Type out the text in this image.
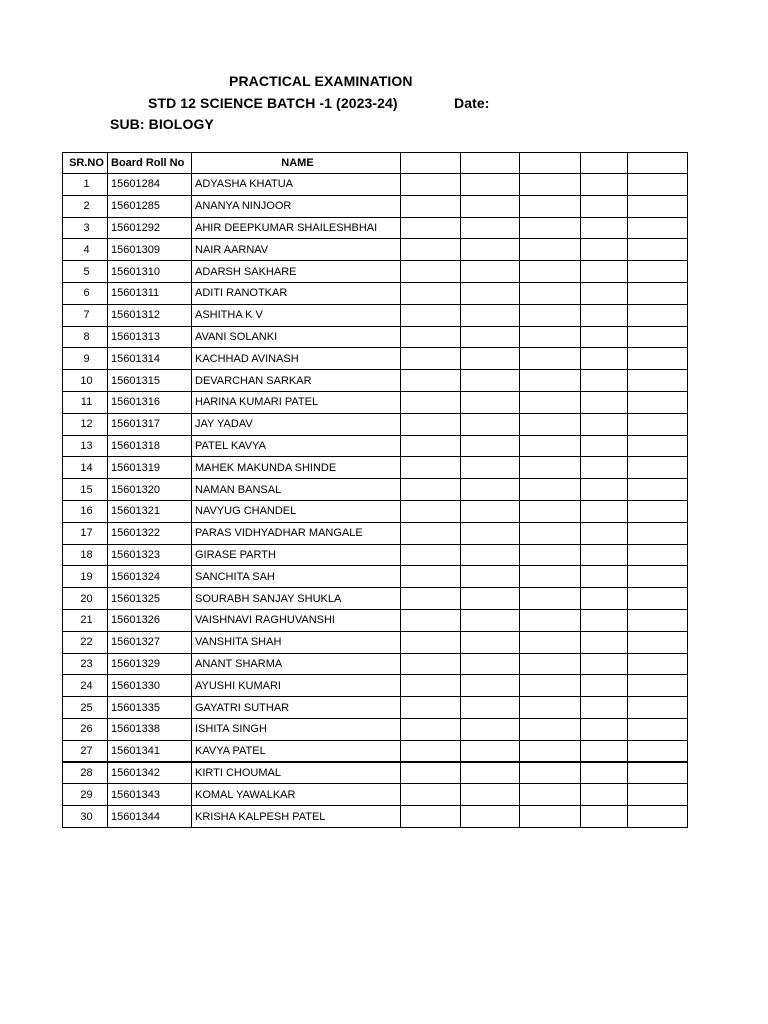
PRACTICAL EXAMINATION
STD 12 SCIENCE BATCH -1 (2023-24)	Date:
SUB: BIOLOGY
SR.NO	Board Roll No	NAME					
1	15601284	ADYASHA KHATUA					
2	15601285	ANANYA NINJOOR					
3	15601292	AHIR DEEPKUMAR SHAILESHBHAI					
4	15601309	NAIR AARNAV					
5	15601310	ADARSH SAKHARE					
6	15601311	ADITI RANOTKAR					
7	15601312	ASHITHA K V					
8	15601313	AVANI SOLANKI					
9	15601314	KACHHAD AVINASH					
10	15601315	DEVARCHAN SARKAR					
11	15601316	HARINA KUMARI PATEL					
12	15601317	JAY YADAV					
13	15601318	PATEL KAVYA					
14	15601319	MAHEK MAKUNDA SHINDE					
15	15601320	NAMAN BANSAL					
16	15601321	NAVYUG CHANDEL					
17	15601322	PARAS VIDHYADHAR MANGALE					
18	15601323	GIRASE PARTH					
19	15601324	SANCHITA SAH					
20	15601325	SOURABH SANJAY SHUKLA					
21	15601326	VAISHNAVI RAGHUVANSHI					
22	15601327	VANSHITA SHAH					
23	15601329	ANANT SHARMA					
24	15601330	AYUSHI KUMARI					
25	15601335	GAYATRI SUTHAR					
26	15601338	ISHITA SINGH					
27	15601341	KAVYA PATEL					
28	15601342	KIRTI CHOUMAL					
29	15601343	KOMAL YAWALKAR					
30	15601344	KRISHA KALPESH PATEL					
